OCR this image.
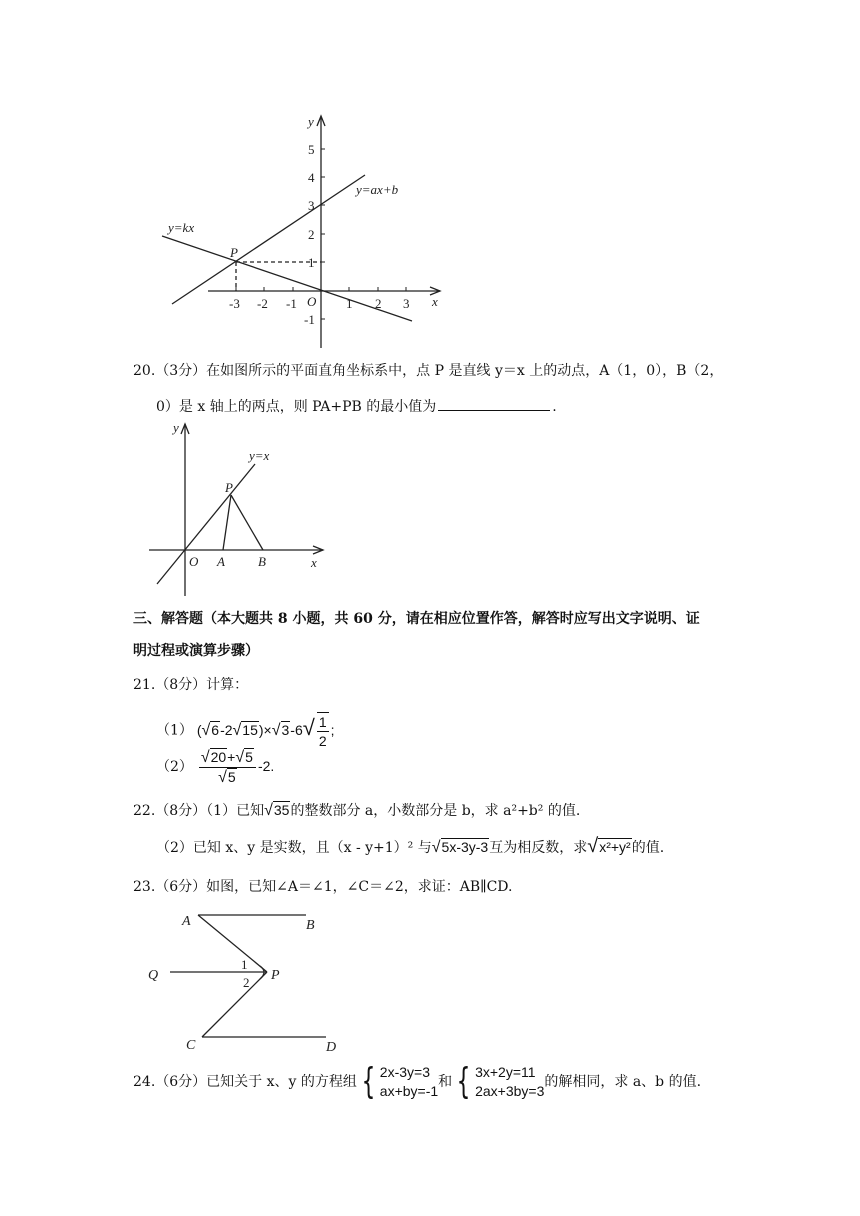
y
x
O
-3 -2 -1	1 2 3
5
4
3
2
1
-1
y=ax+b
y=kx
P
20.（3分）在如图所示的平面直角坐标系中，点 P 是直线 y＝x 上的动点，A（1，0），B（2，
0）是 x 轴上的两点，则 PA+PB 的最小值为	.
y
x
y=x
P
O A	B
三、解答题（本大题共 8 小题，共 60 分，请在相应位置作答，解答时应写出文字说明、证
明过程或演算步骤）
21.（8分）计算：
（1） $(√6-2√15)\times√3-6√ \frac{1}{2}$ ;
$(2) \frac{√20+√5}{√5} -2$.
22.（8分）（1）已知√35的整数部分 a，小数部分是 b，求 a²+b² 的值.
（2）已知 x、y 是实数，且（x - y+1）² 与√5x-3y-3互为相反数，求√x²+y²的值.
23.（6分）如图，已知∠A＝∠1，∠C＝∠2，求证：AB∥CD.
A	B
Q	P
C	D
1
2
24.（6分）已知关于 x、y 的方程组 { 2x-3y=3
ax+by=-1
和 { 3x+2y=11
2ax+3by=3
的解相同，求 a、b 的值.
